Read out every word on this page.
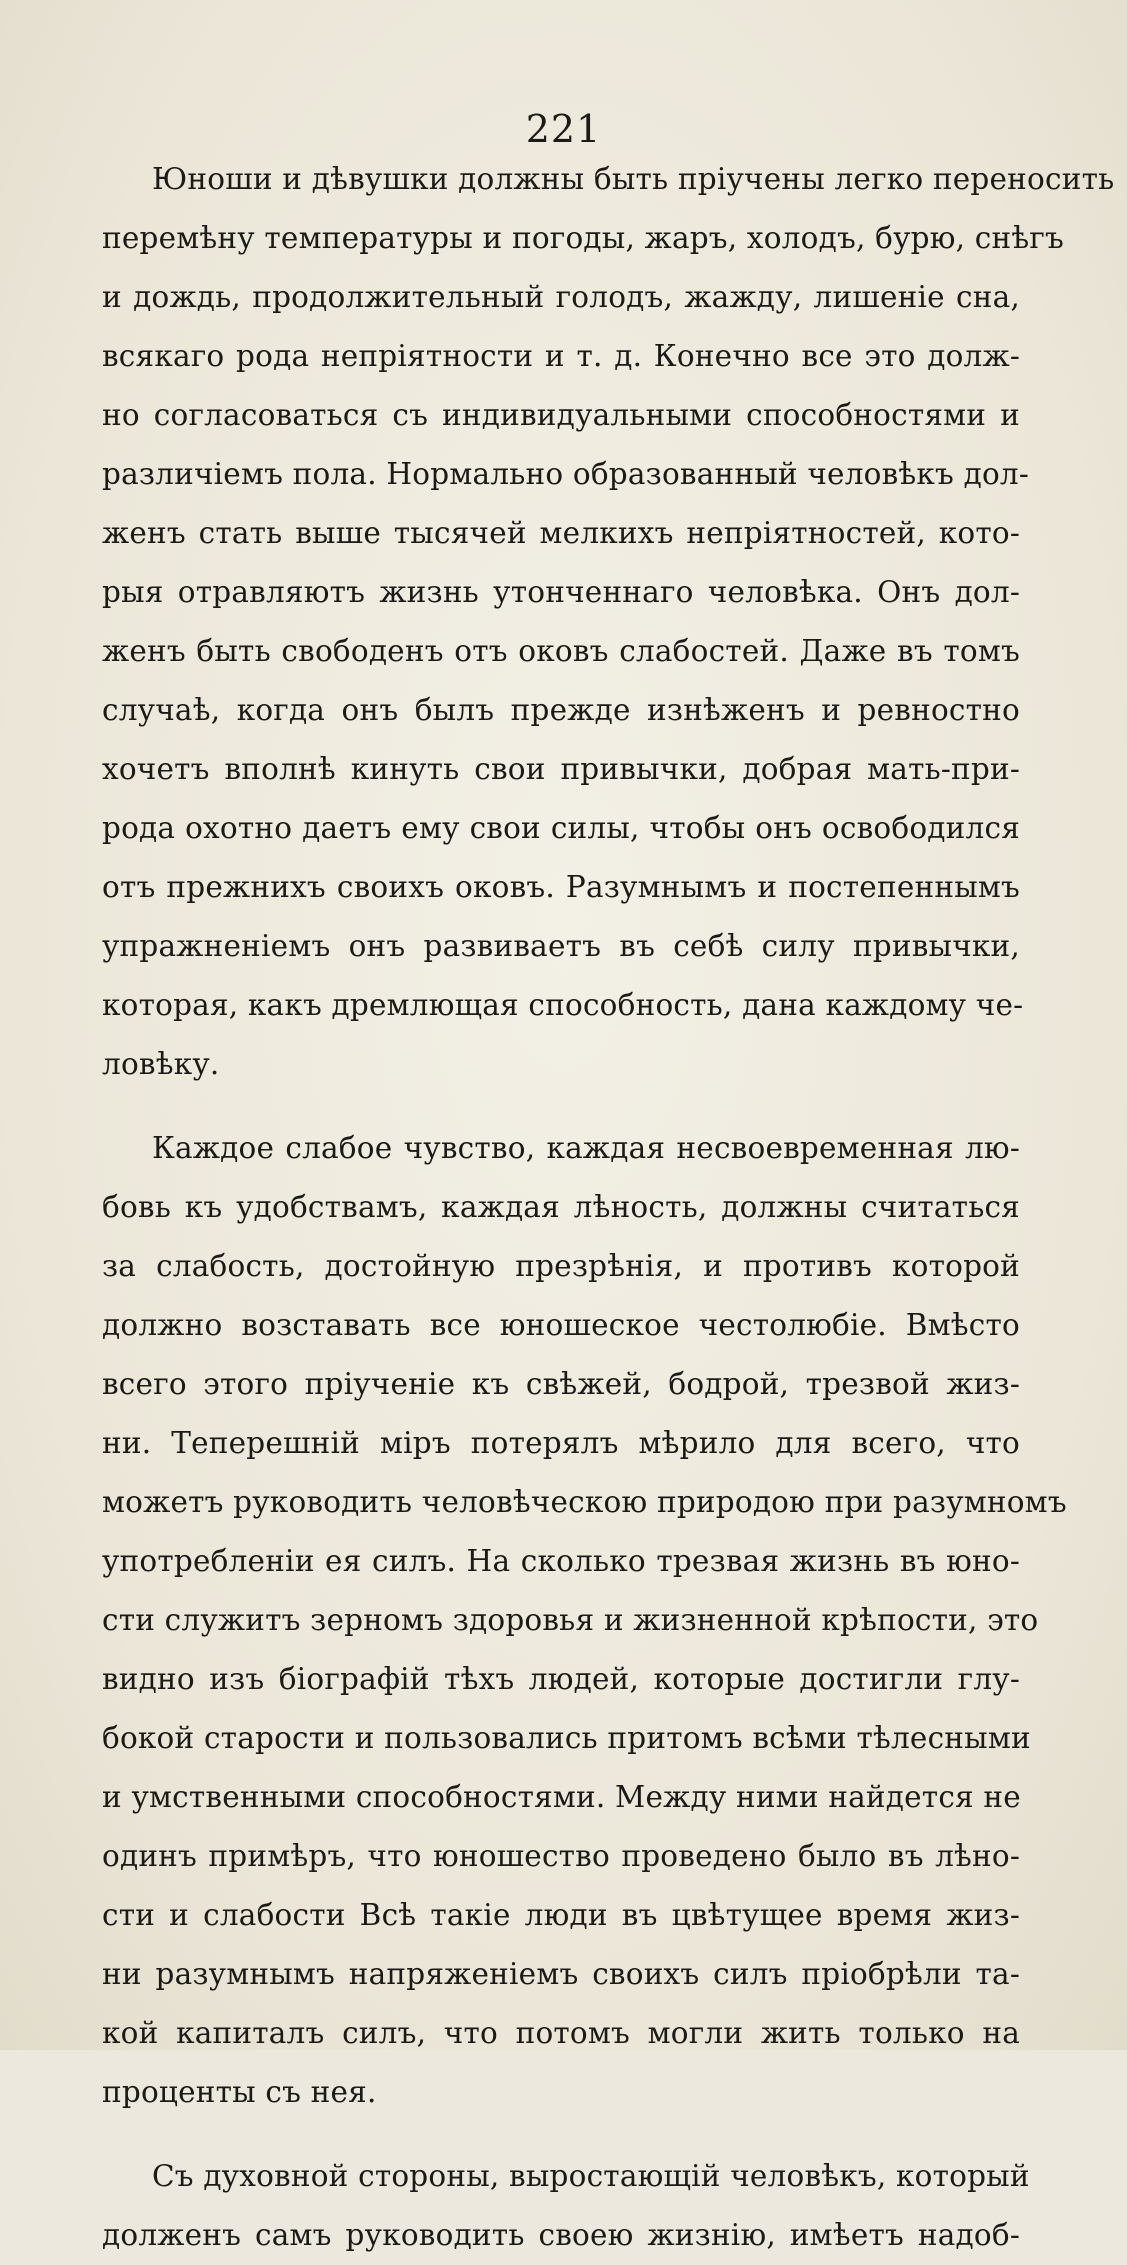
221
Юноши и дѣвушки должны быть пріучены легко переносить
перемѣну температуры и погоды, жаръ, холодъ, бурю, снѣгъ
и дождь, продолжительный голодъ, жажду, лишеніе сна,
всякаго рода непріятности и т. д. Конечно все это долж-
но согласоваться съ индивидуальными способностями и
различіемъ пола. Нормально образованный человѣкъ дол-
женъ стать выше тысячей мелкихъ непріятностей, кото-
рыя отравляютъ жизнь утонченнаго человѣка. Онъ дол-
женъ быть свободенъ отъ оковъ слабостей. Даже въ томъ
случаѣ, когда онъ былъ прежде изнѣженъ и ревностно
хочетъ вполнѣ кинуть свои привычки, добрая мать-при-
рода охотно даетъ ему свои силы, чтобы онъ освободился
отъ прежнихъ своихъ оковъ. Разумнымъ и постепеннымъ
упражненіемъ онъ развиваетъ въ себѣ силу привычки,
которая, какъ дремлющая способность, дана каждому че-
ловѣку.
Каждое слабое чувство, каждая несвоевременная лю-
бовь къ удобствамъ, каждая лѣность, должны считаться
за слабость, достойную презрѣнія, и противъ которой
должно возставать все юношеское честолюбіе. Вмѣсто
всего этого пріученіе къ свѣжей, бодрой, трезвой жиз-
ни. Теперешній міръ потерялъ мѣрило для всего, что
можетъ руководить человѣческою природою при разумномъ
употребленіи ея силъ. На сколько трезвая жизнь въ юно-
сти служитъ зерномъ здоровья и жизненной крѣпости, это
видно изъ біографій тѣхъ людей, которые достигли глу-
бокой старости и пользовались притомъ всѣми тѣлесными
и умственными способностями. Между ними найдется не
одинъ примѣръ, что юношество проведено было въ лѣно-
сти и слабости Всѣ такіе люди въ цвѣтущее время жиз-
ни разумнымъ напряженіемъ своихъ силъ пріобрѣли та-
кой капиталъ силъ, что потомъ могли жить только на
проценты съ нея.
Съ духовной стороны, выростающій человѣкъ, который
долженъ самъ руководить своею жизнію, имѣетъ надоб-
